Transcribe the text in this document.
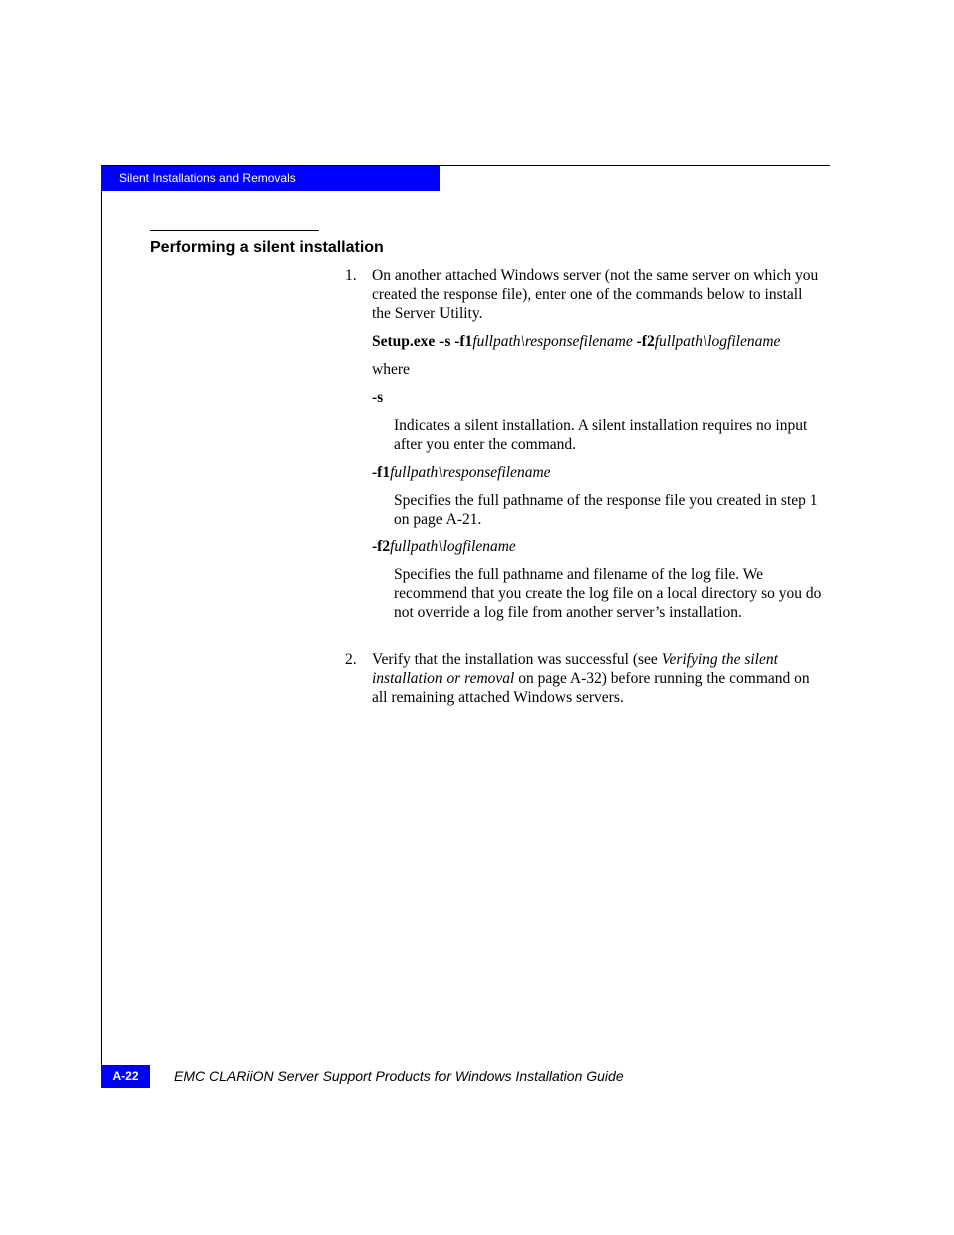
Silent Installations and Removals
Performing a silent installation
1. On another attached Windows server (not the same server on which you created the response file), enter one of the commands below to install the Server Utility.
Setup.exe -s -f1fullpath\responsefilename -f2fullpath\logfilename
where
-s
Indicates a silent installation. A silent installation requires no input after you enter the command.
-f1fullpath\responsefilename
Specifies the full pathname of the response file you created in step 1 on page A-21.
-f2fullpath\logfilename
Specifies the full pathname and filename of the log file. We recommend that you create the log file on a local directory so you do not override a log file from another server’s installation.
2. Verify that the installation was successful (see Verifying the silent installation or removal on page A-32) before running the command on all remaining attached Windows servers.
A-22	EMC CLARiiON Server Support Products for Windows Installation Guide
